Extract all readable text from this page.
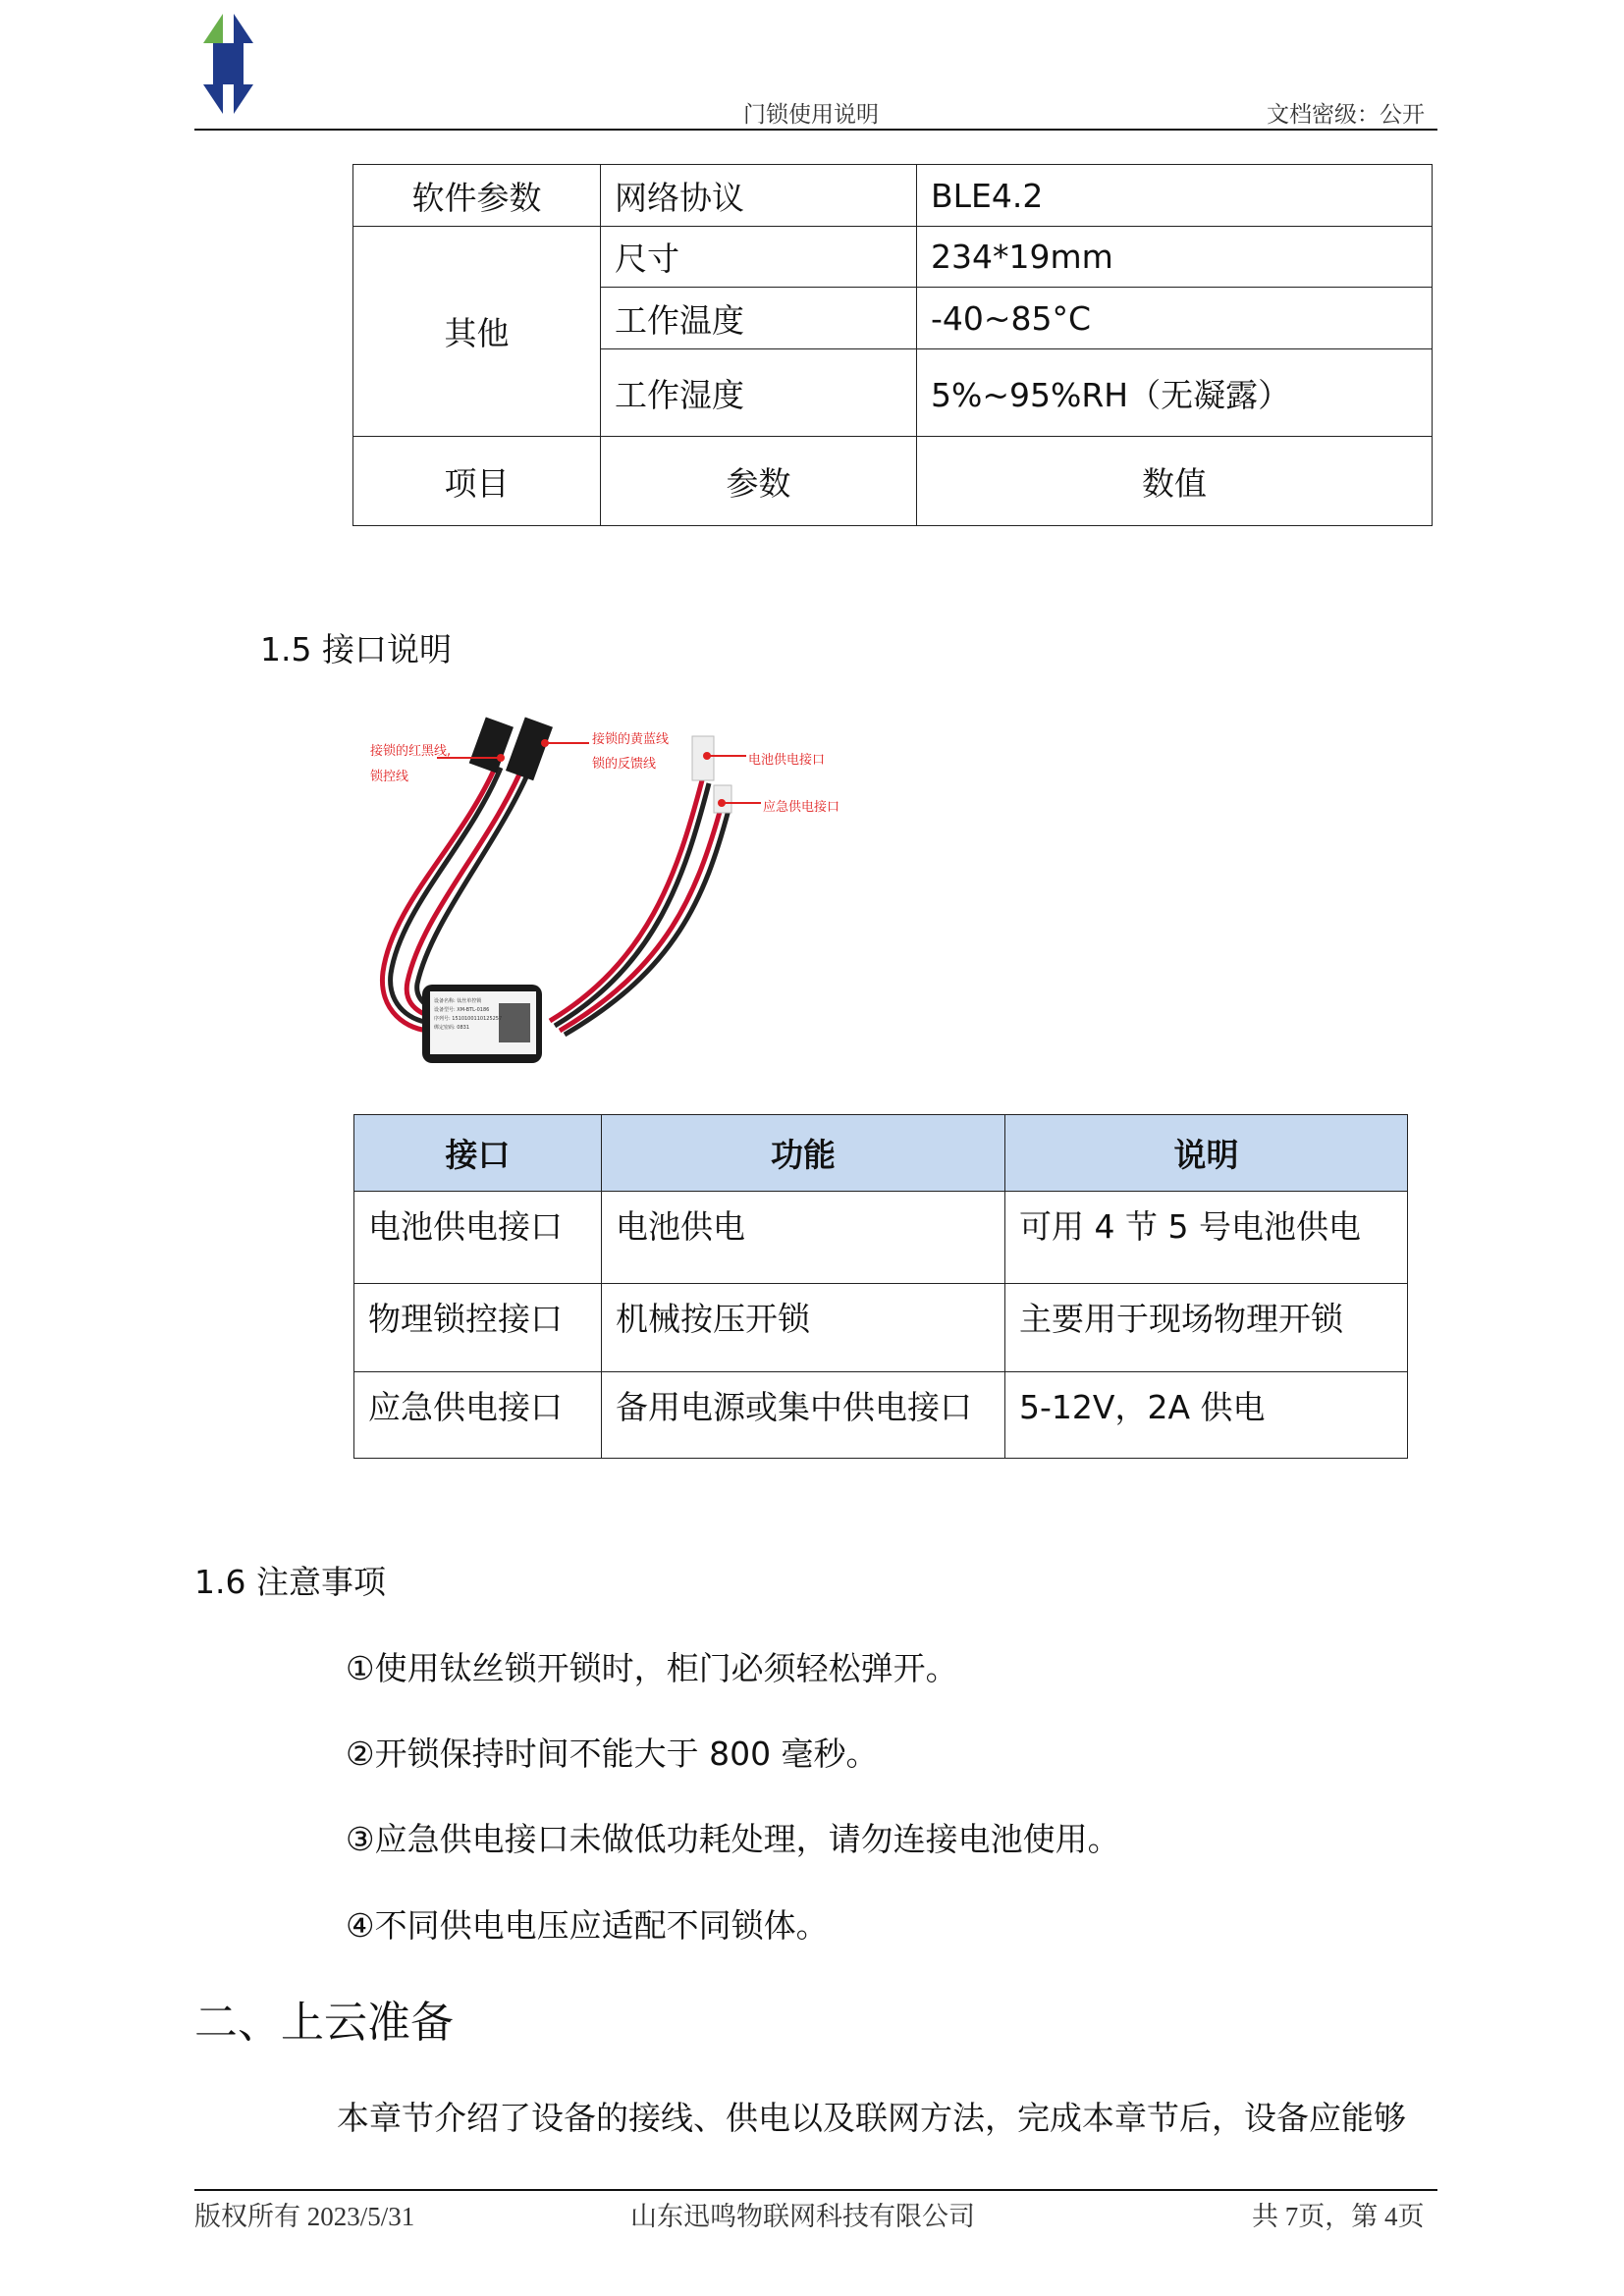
门锁使用说明	文档密级：公开
软件参数	网络协议	BLE4.2
其他	尺寸	234*19mm
	工作温度	-40~85°C
	工作湿度	5%~95%RH（无凝露）
项目	参数	数值
1.5 接口说明
接锁的红黑线,
锁控线
接锁的黄蓝线
锁的反馈线	电池供电接口
应急供电接口
设备名称: 钛丝单控锁
设备型号: XM-BTL-0186
序列号: 1510100110125257
绑定密码: 0831
接口	功能	说明
电池供电接口	电池供电	可用 4 节 5 号电池供电
物理锁控接口	机械按压开锁	主要用于现场物理开锁
应急供电接口	备用电源或集中供电接口	5-12V，2A 供电
1.6 注意事项
①使用钛丝锁开锁时，柜门必须轻松弹开。
②开锁保持时间不能大于 800 毫秒。
③应急供电接口未做低功耗处理，请勿连接电池使用。
④不同供电电压应适配不同锁体。
二、上云准备
本章节介绍了设备的接线、供电以及联网方法，完成本章节后，设备应能够
版权所有 2023/5/31	山东迅鸣物联网科技有限公司	共 7页，第 4页
